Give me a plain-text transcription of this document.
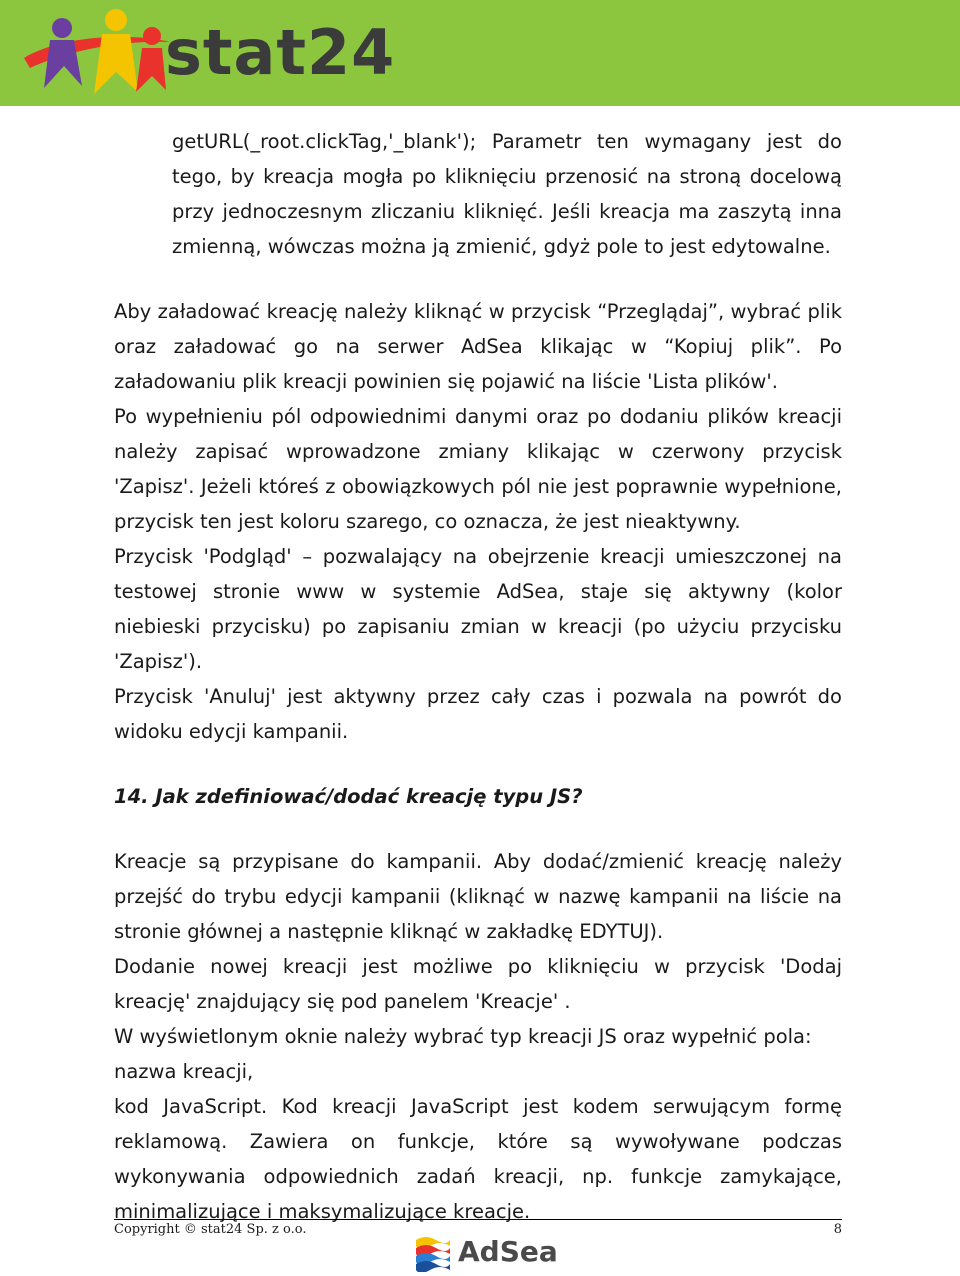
stat24

getURL(_root.clickTag,'_blank'); Parametr ten wymagany jest do tego, by kreacja mogła po kliknięciu przenosić na stroną docelową przy jednoczesnym zliczaniu kliknięć. Jeśli kreacja ma zaszytą inna zmienną, wówczas można ją zmienić, gdyż pole to jest edytowalne.

Aby załadować kreację należy kliknąć w przycisk “Przeglądaj”, wybrać plik oraz załadować go na serwer AdSea klikając w “Kopiuj plik”. Po załadowaniu plik kreacji powinien się pojawić na liście 'Lista plików'.

Po wypełnieniu pól odpowiednimi danymi oraz po dodaniu plików kreacji należy zapisać wprowadzone zmiany klikając w czerwony przycisk 'Zapisz'. Jeżeli któreś z obowiązkowych pól nie jest poprawnie wypełnione, przycisk ten jest koloru szarego, co oznacza, że jest nieaktywny.

Przycisk 'Podgląd' – pozwalający na obejrzenie kreacji umieszczonej na testowej stronie www w systemie AdSea, staje się aktywny (kolor niebieski przycisku) po zapisaniu zmian w kreacji (po użyciu przycisku 'Zapisz').

Przycisk 'Anuluj' jest aktywny przez cały czas i pozwala na powrót do widoku edycji kampanii.

14. Jak zdefiniować/dodać kreację typu JS?

Kreacje są przypisane do kampanii. Aby dodać/zmienić kreację należy przejść do trybu edycji kampanii (kliknąć w nazwę kampanii na liście na stronie głównej a następnie kliknąć w zakładkę EDYTUJ).

Dodanie nowej kreacji jest możliwe po kliknięciu w przycisk 'Dodaj kreację' znajdujący się pod panelem 'Kreacje' .

W wyświetlonym oknie należy wybrać typ kreacji JS oraz wypełnić pola:

nazwa kreacji,

kod JavaScript. Kod kreacji JavaScript jest kodem serwującym formę reklamową. Zawiera on funkcje, które są wywoływane podczas wykonywania odpowiednich zadań kreacji, np. funkcje zamykające, minimalizujące i maksymalizujące kreacje.

Copyright © stat24 Sp. z o.o.	8
AdSea
